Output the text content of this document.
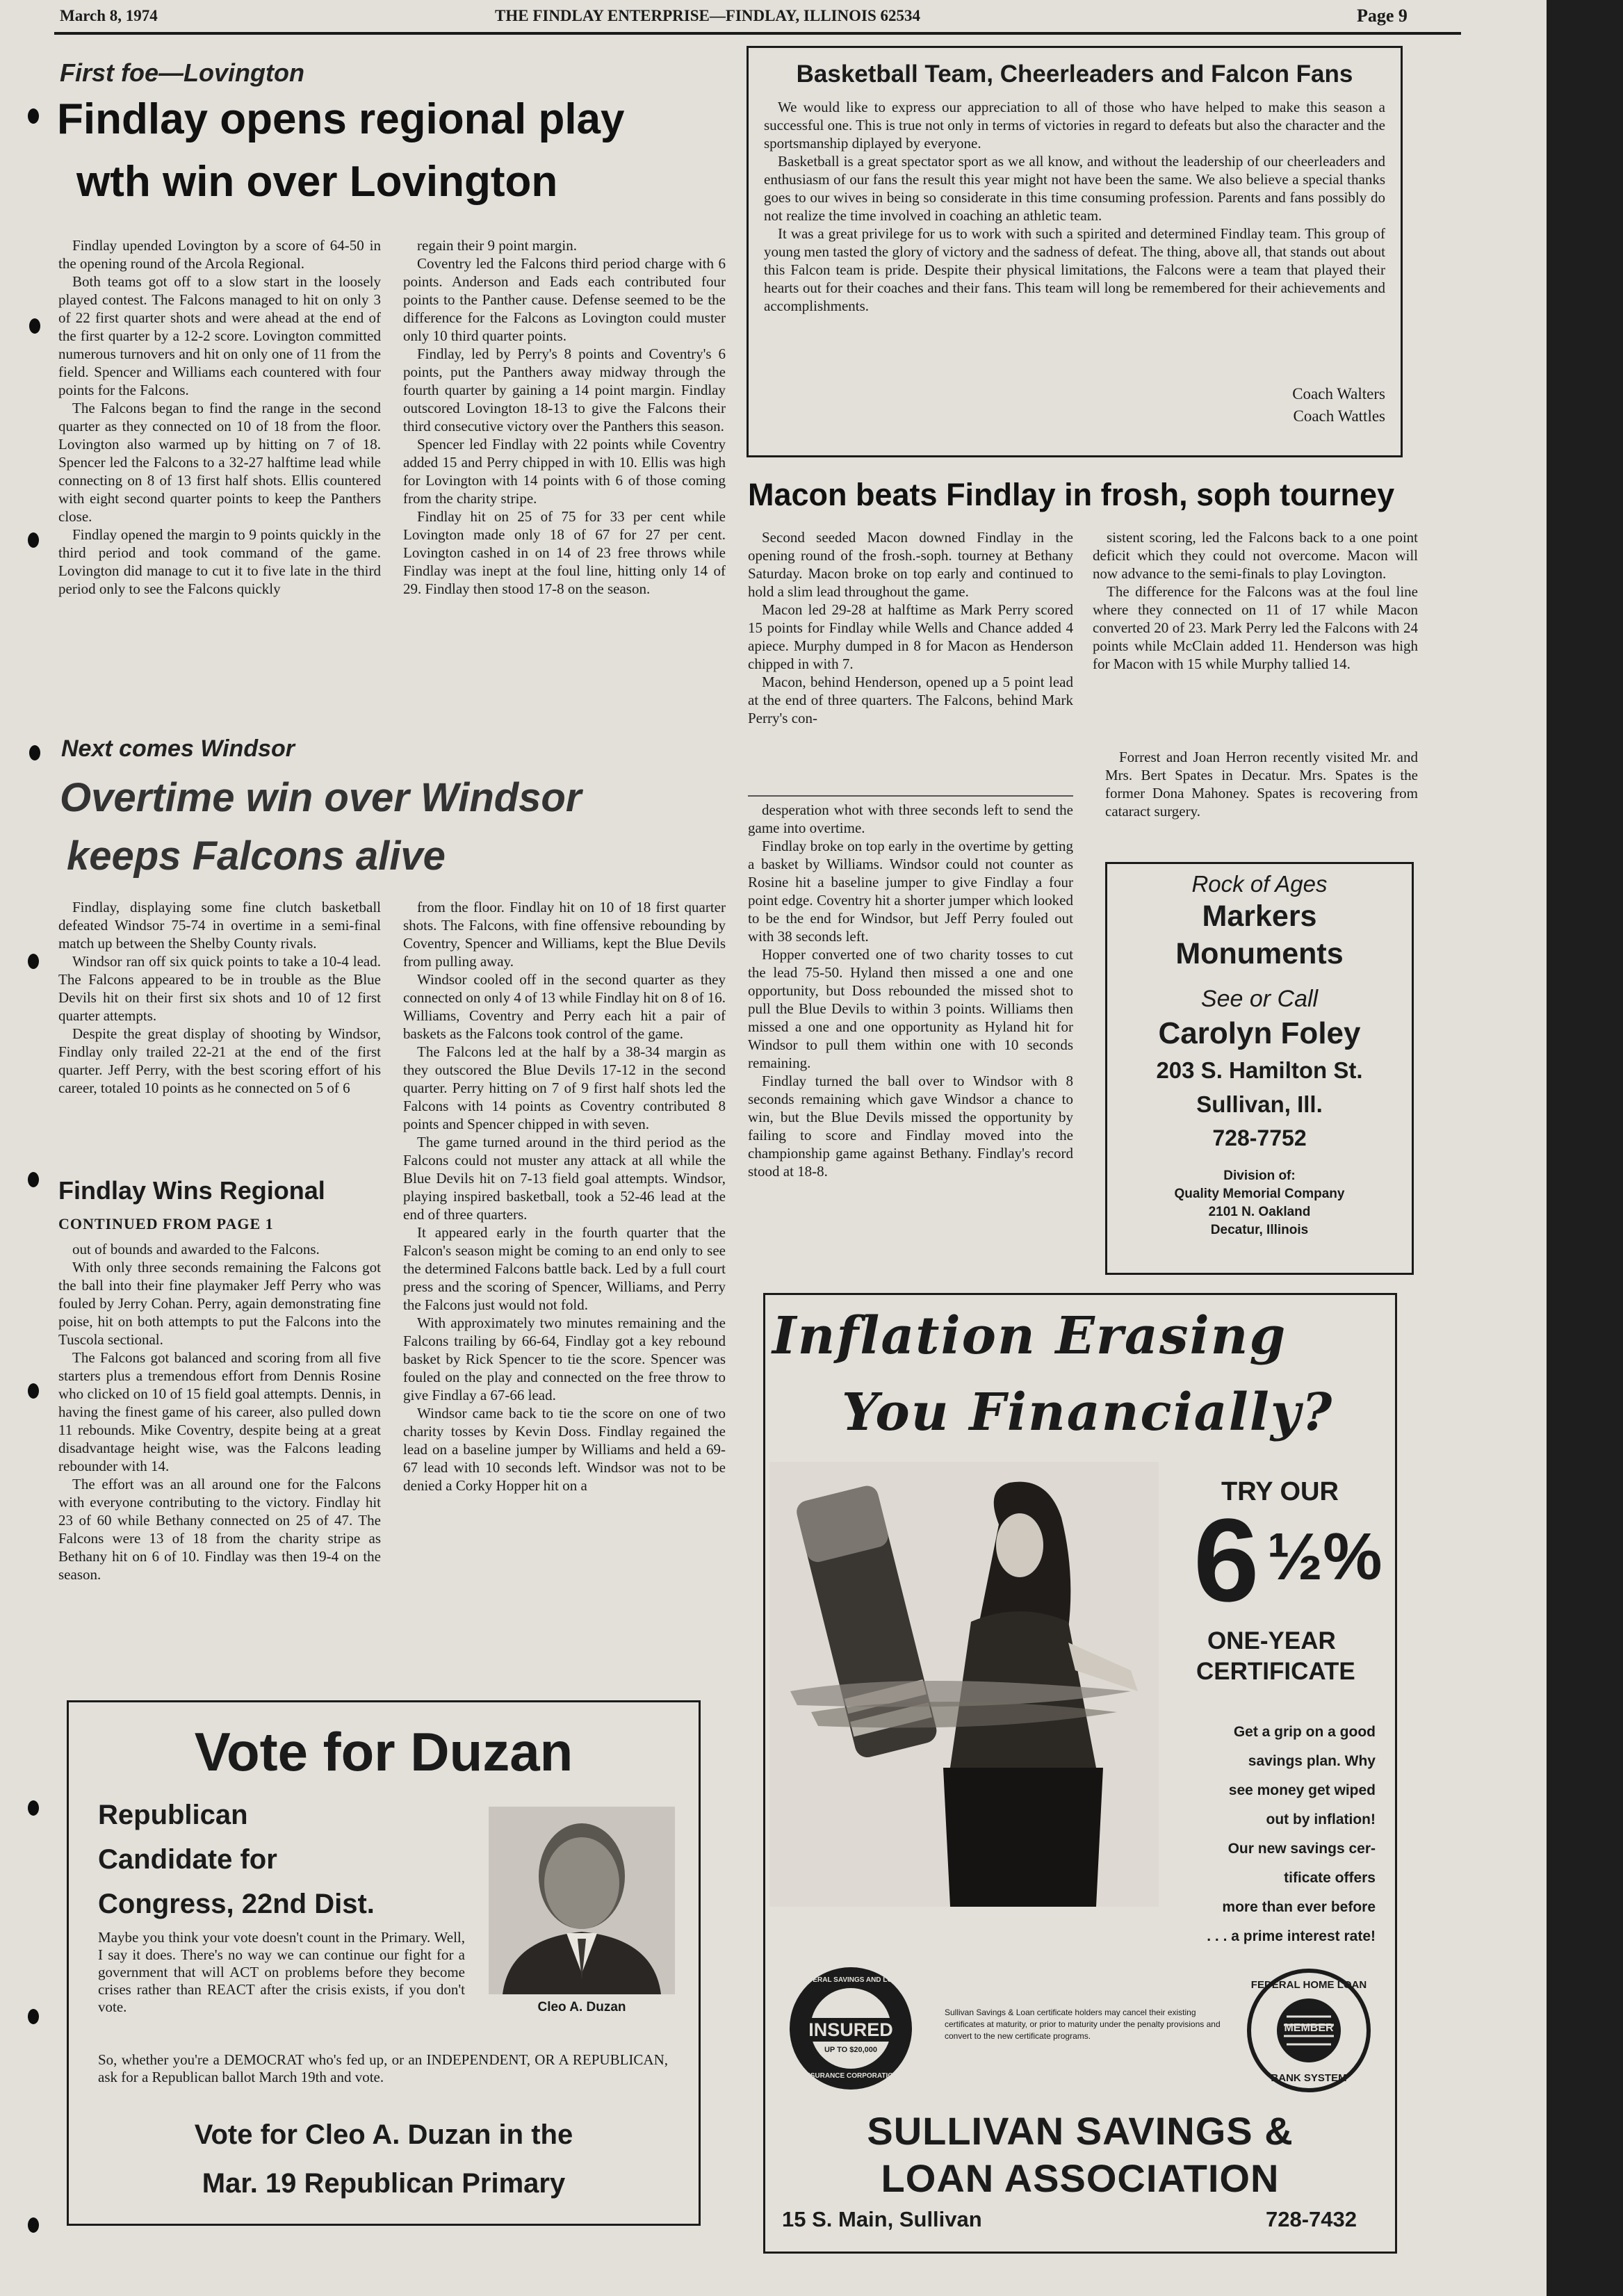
March 8, 1974	THE FINDLAY ENTERPRISE—FINDLAY, ILLINOIS 62534	Page 9
First foe—Lovington
Findlay opens regional play
wth win over Lovington

Findlay upended Lovington by a score of 64-50 in the opening round of the Arcola Regional.

Both teams got off to a slow start in the loosely played contest. The Falcons managed to hit on only 3 of 22 first quarter shots and were ahead at the end of the first quarter by a 12-2 score. Lovington committed numerous turnovers and hit on only one of 11 from the field. Spencer and Williams each countered with four points for the Falcons.

The Falcons began to find the range in the second quarter as they connected on 10 of 18 from the floor. Lovington also warmed up by hitting on 7 of 18. Spencer led the Falcons to a 32-27 halftime lead while connecting on 8 of 13 first half shots. Ellis countered with eight second quarter points to keep the Panthers close.

Findlay opened the margin to 9 points quickly in the third period and took command of the game. Lovington did manage to cut it to five late in the third period only to see the Falcons quickly

regain their 9 point margin.

Coventry led the Falcons third period charge with 6 points. Anderson and Eads each contributed four points to the Panther cause. Defense seemed to be the difference for the Falcons as Lovington could muster only 10 third quarter points.

Findlay, led by Perry's 8 points and Coventry's 6 points, put the Panthers away midway through the fourth quarter by gaining a 14 point margin. Findlay outscored Lovington 18-13 to give the Falcons their third consecutive victory over the Panthers this season.

Spencer led Findlay with 22 points while Coventry added 15 and Perry chipped in with 10. Ellis was high for Lovington with 14 points with 6 of those coming from the charity stripe.

Findlay hit on 25 of 75 for 33 per cent while Lovington made only 18 of 67 for 27 per cent. Lovington cashed in on 14 of 23 free throws while Findlay was inept at the foul line, hitting only 14 of 29. Findlay then stood 17-8 on the season.

Basketball Team, Cheerleaders and Falcon Fans

We would like to express our appreciation to all of those who have helped to make this season a successful one. This is true not only in terms of victories in regard to defeats but also the character and the sportsmanship diplayed by everyone.

Basketball is a great spectator sport as we all know, and without the leadership of our cheerleaders and enthusiasm of our fans the result this year might not have been the same. We also believe a special thanks goes to our wives in being so considerate in this time consuming profession. Parents and fans possibly do not realize the time involved in coaching an athletic team.

It was a great privilege for us to work with such a spirited and determined Findlay team. This group of young men tasted the glory of victory and the sadness of defeat. The thing, above all, that stands out about this Falcon team is pride. Despite their physical limitations, the Falcons were a team that played their hearts out for their coaches and their fans. This team will long be remembered for their achievements and accomplishments.

Coach Walters
Coach Wattles
Macon beats Findlay in frosh, soph tourney

Second seeded Macon downed Findlay in the opening round of the frosh.-soph. tourney at Bethany Saturday. Macon broke on top early and continued to hold a slim lead throughout the game.

Macon led 29-28 at halftime as Mark Perry scored 15 points for Findlay while Wells and Chance added 4 apiece. Murphy dumped in 8 for Macon as Henderson chipped in with 7.

Macon, behind Henderson, opened up a 5 point lead at the end of three quarters. The Falcons, behind Mark Perry's con-

sistent scoring, led the Falcons back to a one point deficit which they could not overcome. Macon will now advance to the semi-finals to play Lovington.

The difference for the Falcons was at the foul line where they connected on 11 of 17 while Macon converted 20 of 23. Mark Perry led the Falcons with 24 points while McClain added 11. Henderson was high for Macon with 15 while Murphy tallied 14.

Forrest and Joan Herron recently visited Mr. and Mrs. Bert Spates in Decatur. Mrs. Spates is the former Dona Mahoney. Spates is recovering from cataract surgery.

Next comes Windsor
Overtime win over Windsor
keeps Falcons alive

Findlay, displaying some fine clutch basketball defeated Windsor 75-74 in overtime in a semi-final match up between the Shelby County rivals.

Windsor ran off six quick points to take a 10-4 lead. The Falcons appeared to be in trouble as the Blue Devils hit on their first six shots and 10 of 12 first quarter attempts.

Despite the great display of shooting by Windsor, Findlay only trailed 22-21 at the end of the first quarter. Jeff Perry, with the best scoring effort of his career, totaled 10 points as he connected on 5 of 6

from the floor. Findlay hit on 10 of 18 first quarter shots. The Falcons, with fine offensive rebounding by Coventry, Spencer and Williams, kept the Blue Devils from pulling away.

Windsor cooled off in the second quarter as they connected on only 4 of 13 while Findlay hit on 8 of 16. Williams, Coventry and Perry each hit a pair of baskets as the Falcons took control of the game.

The Falcons led at the half by a 38-34 margin as they outscored the Blue Devils 17-12 in the second quarter. Perry hitting on 7 of 9 first half shots led the Falcons with 14 points as Coventry contributed 8 points and Spencer chipped in with seven.

The game turned around in the third period as the Falcons could not muster any attack at all while the Blue Devils hit on 7-13 field goal attempts. Windsor, playing inspired basketball, took a 52-46 lead at the end of three quarters.

It appeared early in the fourth quarter that the Falcon's season might be coming to an end only to see the determined Falcons battle back. Led by a full court press and the scoring of Spencer, Williams, and Perry the Falcons just would not fold.

With approximately two minutes remaining and the Falcons trailing by 66-64, Findlay got a key rebound basket by Rick Spencer to tie the score. Spencer was fouled on the play and connected on the free throw to give Findlay a 67-66 lead.

Windsor came back to tie the score on one of two charity tosses by Kevin Doss. Findlay regained the lead on a baseline jumper by Williams and held a 69-67 lead with 10 seconds left. Windsor was not to be denied a Corky Hopper hit on a

desperation whot with three seconds left to send the game into overtime.

Findlay broke on top early in the overtime by getting a basket by Williams. Windsor could not counter as Rosine hit a baseline jumper to give Findlay a four point edge. Coventry hit a shorter jumper which looked to be the end for Windsor, but Jeff Perry fouled out with 38 seconds left.

Hopper converted one of two charity tosses to cut the lead 75-50. Hyland then missed a one and one opportunity, but Doss rebounded the missed shot to pull the Blue Devils to within 3 points. Williams then missed a one and one opportunity as Hyland hit for Windsor to pull them within one with 10 seconds remaining.

Findlay turned the ball over to Windsor with 8 seconds remaining which gave Windsor a chance to win, but the Blue Devils missed the opportunity by failing to score and Findlay moved into the championship game against Bethany. Findlay's record stood at 18-8.

Findlay Wins Regional
CONTINUED FROM PAGE 1

out of bounds and awarded to the Falcons.

With only three seconds remaining the Falcons got the ball into their fine playmaker Jeff Perry who was fouled by Jerry Cohan. Perry, again demonstrating fine poise, hit on both attempts to put the Falcons into the Tuscola sectional.

The Falcons got balanced and scoring from all five starters plus a tremendous effort from Dennis Rosine who clicked on 10 of 15 field goal attempts. Dennis, in having the finest game of his career, also pulled down 11 rebounds. Mike Coventry, despite being at a great disadvantage height wise, was the Falcons leading rebounder with 14.

The effort was an all around one for the Falcons with everyone contributing to the victory. Findlay hit 23 of 60 while Bethany connected on 25 of 47. The Falcons were 13 of 18 from the charity stripe as Bethany hit on 6 of 10. Findlay was then 19-4 on the season.

Rock of Ages
Markers
Monuments
See or Call
Carolyn Foley
203 S. Hamilton St.
Sullivan, Ill.
728-7752
Division of:
Quality Memorial Company
2101 N. Oakland
Decatur, Illinois
Vote for Duzan
Republican
Candidate for
Congress, 22nd Dist.
Maybe you think your vote doesn't count in the Primary. Well, I say it does. There's no way we can continue our fight for a government that will ACT on problems before they become crises rather than REACT after the crisis exists, if you don't vote.
So, whether you're a DEMOCRAT who's fed up, or an INDEPENDENT, OR A REPUBLICAN, ask for a Republican ballot March 19th and vote.
Cleo A. Duzan
Vote for Cleo A. Duzan in the
Mar. 19 Republican Primary
Inflation Erasing
You Financially?
TRY OUR
6 ½%
ONE-YEAR
CERTIFICATE
Get a grip on a good
savings plan. Why
see money get wiped
out by inflation!
Our new savings cer-
tificate offers
more than ever before
. . . a prime interest rate!
INSURED
FEDERAL SAVINGS AND LOAN
INSURANCE CORPORATION
UP TO $20,000
Sullivan Savings & Loan certificate holders may cancel their existing certificates at maturity, or prior to maturity under the penalty provisions and convert to the new certificate programs.
FEDERAL HOME LOAN
MEMBER
BANK SYSTEM
SULLIVAN SAVINGS &
LOAN ASSOCIATION
15 S. Main, Sullivan	728-7432
